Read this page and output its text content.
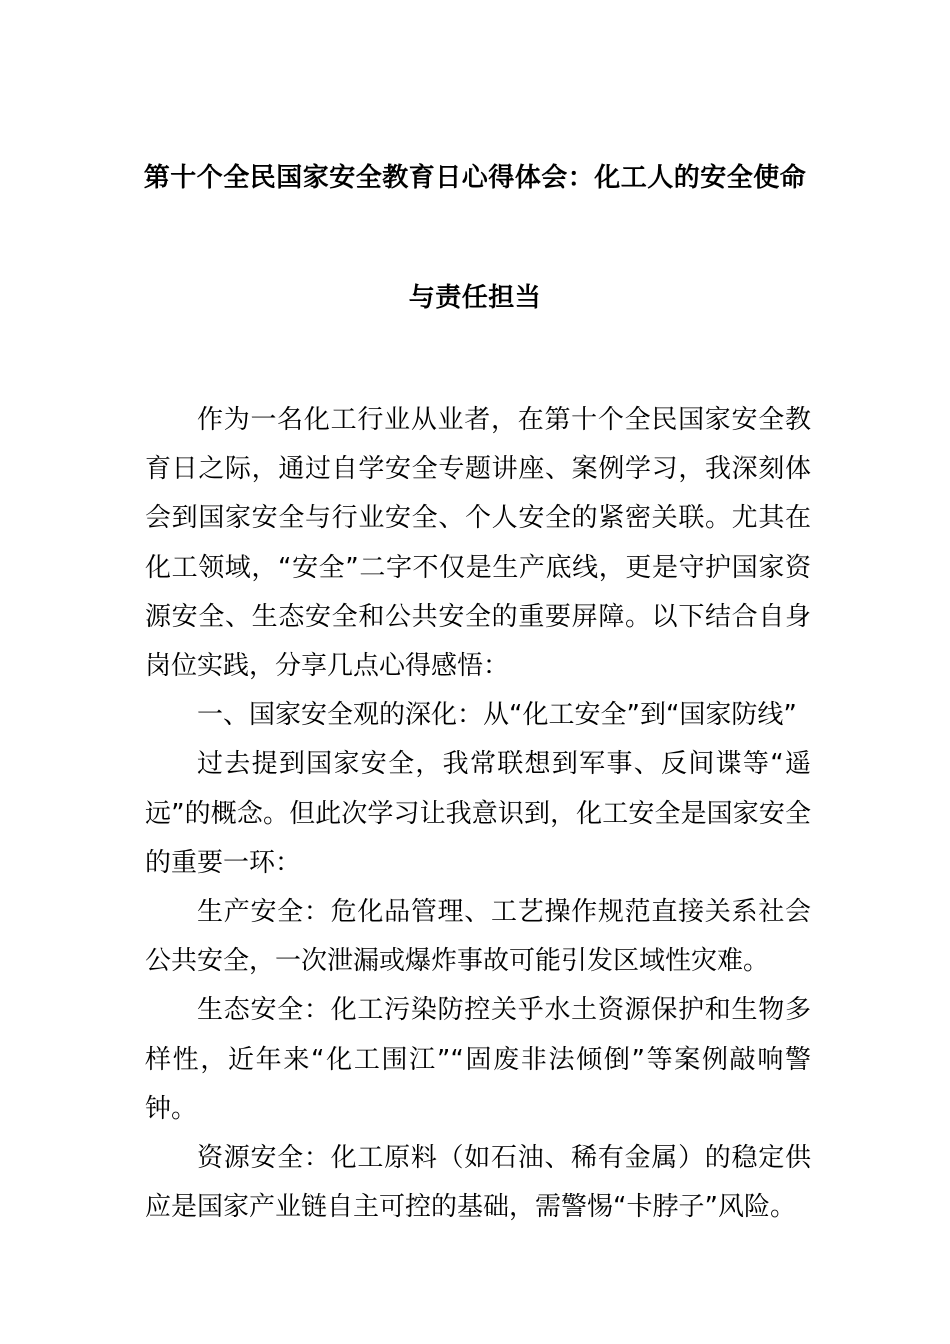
第十个全民国家安全教育日心得体会：化工人的安全使命
与责任担当

作为一名化工行业从业者，在第十个全民国家安全教育日之际，通过自学安全专题讲座、案例学习，我深刻体会到国家安全与行业安全、个人安全的紧密关联。尤其在化工领域，“安全”二字不仅是生产底线，更是守护国家资源安全、生态安全和公共安全的重要屏障。以下结合自身岗位实践，分享几点心得感悟：

一、国家安全观的深化：从“化工安全”到“国家防线”

过去提到国家安全，我常联想到军事、反间谍等“遥远”的概念。但此次学习让我意识到，化工安全是国家安全的重要一环：

生产安全：危化品管理、工艺操作规范直接关系社会公共安全，一次泄漏或爆炸事故可能引发区域性灾难。

生态安全：化工污染防控关乎水土资源保护和生物多样性，近年来“化工围江”“固废非法倾倒”等案例敲响警钟。

资源安全：化工原料（如石油、稀有金属）的稳定供应是国家产业链自主可控的基础，需警惕“卡脖子”风险。
